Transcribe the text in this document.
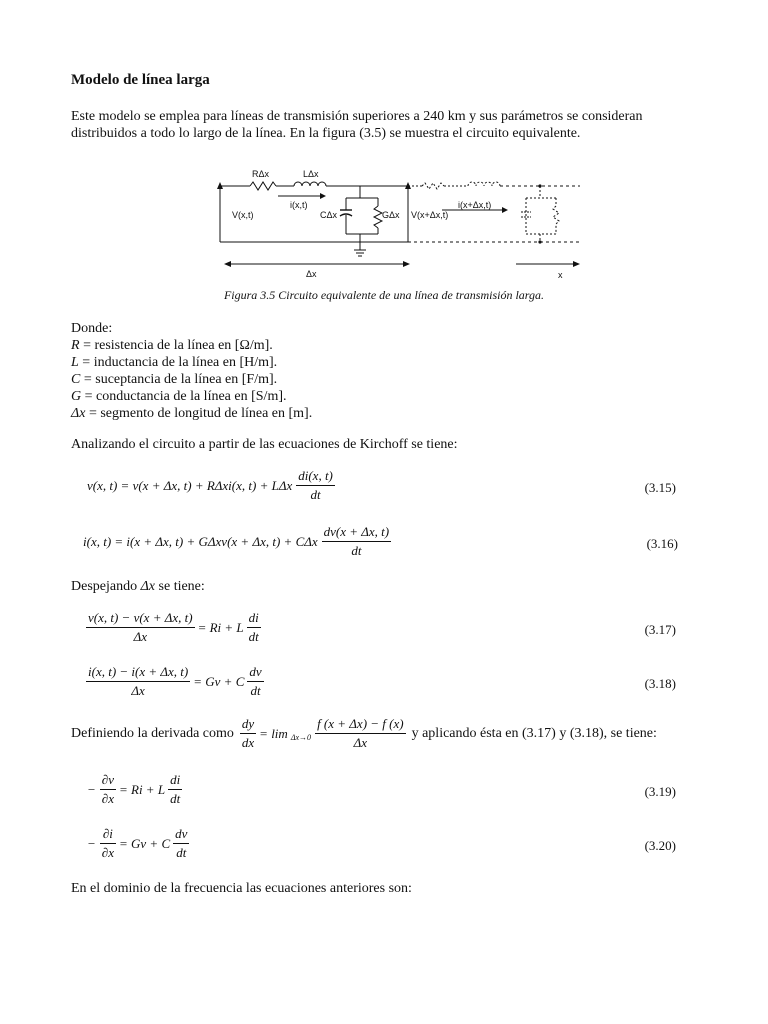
Modelo de línea larga
Este modelo se emplea para líneas de transmisión superiores a 240 km y sus parámetros se consideran distribuidos a todo lo largo de la línea. En la figura (3.5) se muestra el circuito equivalente.
RΔx	LΔx
i(x,t)	i(x+Δx,t)
V(x,t)	CΔx	GΔx V(x+Δx,t)
Δx	x
Figura 3.5 Circuito equivalente de una línea de transmisión larga.
Donde:
R = resistencia de la línea en [Ω/m].
L = inductancia de la línea en [H/m].
C = suceptancia de la línea en [F/m].
G = conductancia de la línea en [S/m].
Δx = segmento de longitud de línea en [m].
Analizando el circuito a partir de las ecuaciones de Kirchoff se tiene:
v(x, t) = v(x + Δx, t) + RΔxi(x, t) + LΔx $\frac{di(x, t)}{dt}$	(3.15)
i(x, t) = i(x + Δx, t) + GΔxv(x + Δx, t) + CΔx $\frac{dv(x + \Delta x, t)}{dt}$	(3.16)
Despejando Δx se tiene:
$\frac{v(x, t) - v(x + \Delta x, t)}{\Delta x} = Ri + L \frac{di}{dt}$	(3.17)
$\frac{i(x, t) - i(x + \Delta x, t)}{\Delta x} = Gv + C \frac{dv}{dt}$	(3.18)
Definiendo la derivada como $\frac{dy}{dx} = \lim \Delta x\to 0 \frac{f (x + \Delta x) - f (x)}{\Delta x}$ y aplicando ésta en (3.17) y (3.18), se tiene:
− $\frac{\partial v}{\partial x} = Ri + L \frac{di}{dt}$	(3.19)
− $\frac{\partial i}{\partial x} = Gv + C \frac{dv}{dt}$	(3.20)
En el dominio de la frecuencia las ecuaciones anteriores son:
